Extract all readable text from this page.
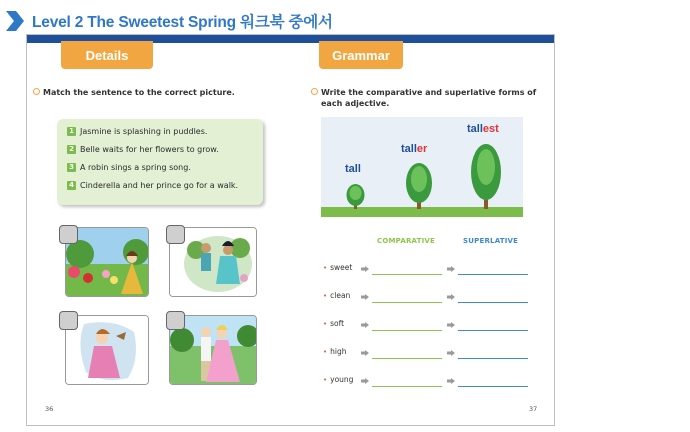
Level 2 The Sweetest Spring 워크북 중에서
Details	Grammar
Match the sentence to the correct picture.
1 Jasmine is splashing in puddles.
2 Belle waits for her flowers to grow.
3 A robin sings a spring song.
4 Cinderella and her prince go for a walk.
36
Write the comparative and superlative forms of
each adjective.
tall
taller
tallest
COMPARATIVE	SUPERLATIVE
• sweet
• clean
• soft
• high
• young
37
